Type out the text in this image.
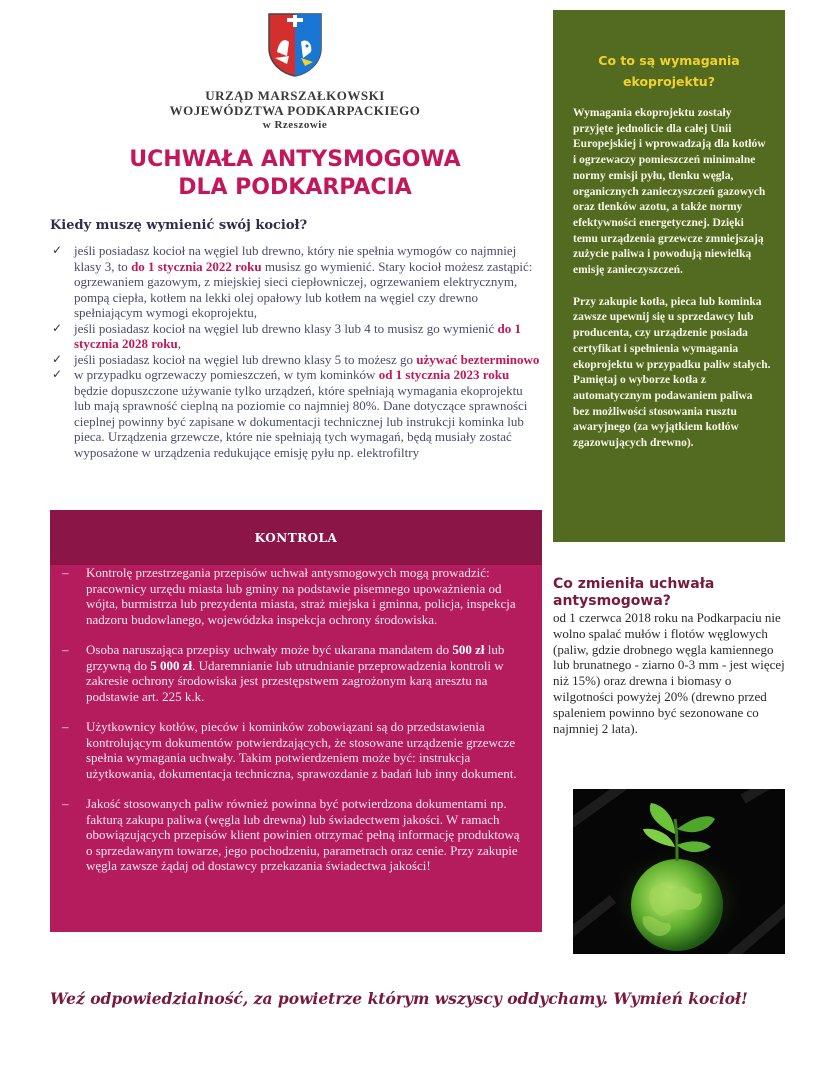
URZĄD MARSZAŁKOWSKI
WOJEWÓDZTWA PODKARPACKIEGO
w Rzeszowie
UCHWAŁA ANTYSMOGOWA
DLA PODKARPACIA
Kiedy muszę wymienić swój kocioł?
✓ jeśli posiadasz kocioł na węgiel lub drewno, który nie spełnia wymogów co najmniej klasy 3, to do 1 stycznia 2022 roku musisz go wymienić. Stary kocioł możesz zastąpić: ogrzewaniem gazowym, z miejskiej sieci ciepłowniczej, ogrzewaniem elektrycznym, pompą ciepła, kotłem na lekki olej opałowy lub kotłem na węgiel czy drewno spełniającym wymogi ekoprojektu,
✓ jeśli posiadasz kocioł na węgiel lub drewno klasy 3 lub 4 to musisz go wymienić do 1 stycznia 2028 roku,
✓ jeśli posiadasz kocioł na węgiel lub drewno klasy 5 to możesz go używać bezterminowo
✓ w przypadku ogrzewaczy pomieszczeń, w tym kominków od 1 stycznia 2023 roku będzie dopuszczone używanie tylko urządzeń, które spełniają wymagania ekoprojektu lub mają sprawność cieplną na poziomie co najmniej 80%. Dane dotyczące sprawności cieplnej powinny być zapisane w dokumentacji technicznej lub instrukcji kominka lub pieca. Urządzenia grzewcze, które nie spełniają tych wymagań, będą musiały zostać wyposażone w urządzenia redukujące emisję pyłu np. elektrofiltry
KONTROLA
– Kontrolę przestrzegania przepisów uchwał antysmogowych mogą prowadzić: pracownicy urzędu miasta lub gminy na podstawie pisemnego upoważnienia od wójta, burmistrza lub prezydenta miasta, straż miejska i gminna, policja, inspekcja nadzoru budowlanego, wojewódzka inspekcja ochrony środowiska.
– Osoba naruszająca przepisy uchwały może być ukarana mandatem do 500 zł lub grzywną do 5 000 zł. Udaremnianie lub utrudnianie przeprowadzenia kontroli w zakresie ochrony środowiska jest przestępstwem zagrożonym karą aresztu na podstawie art. 225 k.k.
– Użytkownicy kotłów, pieców i kominków zobowiązani są do przedstawienia kontrolującym dokumentów potwierdzających, że stosowane urządzenie grzewcze spełnia wymagania uchwały. Takim potwierdzeniem może być: instrukcja użytkowania, dokumentacja techniczna, sprawozdanie z badań lub inny dokument.
– Jakość stosowanych paliw również powinna być potwierdzona dokumentami np. fakturą zakupu paliwa (węgla lub drewna) lub świadectwem jakości. W ramach obowiązujących przepisów klient powinien otrzymać pełną informację produktową o sprzedawanym towarze, jego pochodzeniu, parametrach oraz cenie. Przy zakupie węgla zawsze żądaj od dostawcy przekazania świadectwa jakości!
Co to są wymagania ekoprojektu?

Wymagania ekoprojektu zostały przyjęte jednolicie dla całej Unii Europejskiej i wprowadzają dla kotłów i ogrzewaczy pomieszczeń minimalne normy emisji pyłu, tlenku węgla, organicznych zanieczyszczeń gazowych oraz tlenków azotu, a także normy efektywności energetycznej. Dzięki temu urządzenia grzewcze zmniejszają zużycie paliwa i powodują niewielką emisję zanieczyszczeń.

Przy zakupie kotła, pieca lub kominka zawsze upewnij się u sprzedawcy lub producenta, czy urządzenie posiada certyfikat i spełnienia wymagania ekoprojektu w przypadku paliw stałych. Pamiętaj o wyborze kotła z automatycznym podawaniem paliwa bez możliwości stosowania rusztu awaryjnego (za wyjątkiem kotłów zgazowujących drewno).

Co zmieniła uchwała antysmogowa?
od 1 czerwca 2018 roku na Podkarpaciu nie wolno spalać mułów i flotów węglowych (paliw, gdzie drobnego węgla kamiennego lub brunatnego - ziarno 0-3 mm - jest więcej niż 15%) oraz drewna i biomasy o wilgotności powyżej 20% (drewno przed spaleniem powinno być sezonowane co najmniej 2 lata).
Weź odpowiedzialność, za powietrze którym wszyscy oddychamy. Wymień kocioł!
